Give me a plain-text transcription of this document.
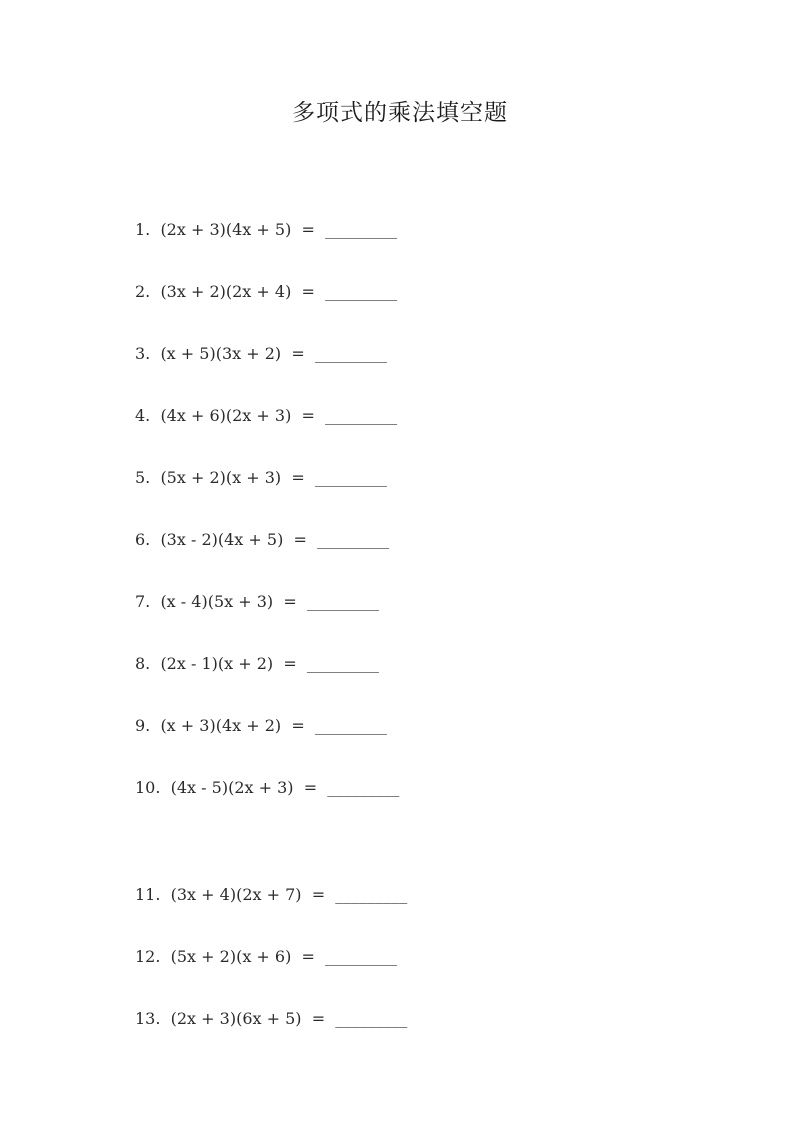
多项式的乘法填空题
1. (2x + 3)(4x + 5)  =  _________
2. (3x + 2)(2x + 4)  =  _________
3. (x + 5)(3x + 2)  =  _________
4. (4x + 6)(2x + 3)  =  _________
5. (5x + 2)(x + 3)  =  _________
6. (3x - 2)(4x + 5)  =  _________
7. (x - 4)(5x + 3)  =  _________
8. (2x - 1)(x + 2)  =  _________
9. (x + 3)(4x + 2)  =  _________
10. (4x - 5)(2x + 3)  =  _________
11. (3x + 4)(2x + 7)  =  _________
12. (5x + 2)(x + 6)  =  _________
13. (2x + 3)(6x + 5)  =  _________
